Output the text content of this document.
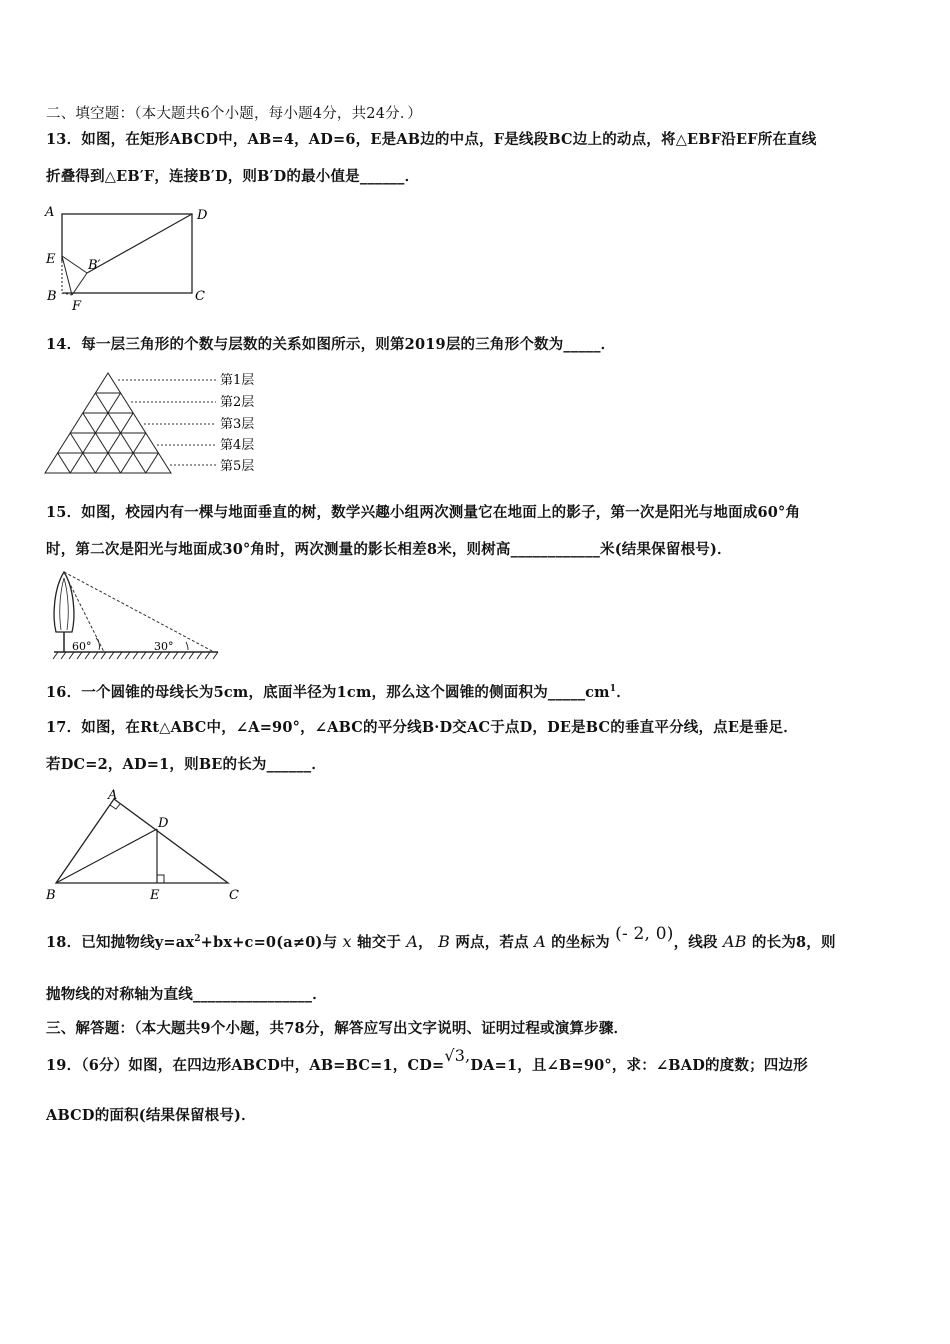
二、填空题：（本大题共6个小题，每小题4分，共24分．）
13．如图，在矩形ABCD中，AB=4，AD=6，E是AB边的中点，F是线段BC边上的动点，将△EBF沿EF所在直线
折叠得到△EB′F，连接B′D，则B′D的最小值是______．
A	D
E	B′
B
F
C
14．每一层三角形的个数与层数的关系如图所示，则第2019层的三角形个数为_____．
第1层
第2层
第3层
第4层
第5层
15．如图，校园内有一棵与地面垂直的树，数学兴趣小组两次测量它在地面上的影子，第一次是阳光与地面成60°角
时，第二次是阳光与地面成30°角时，两次测量的影长相差8米，则树高____________米(结果保留根号)．
60°	30°
16．一个圆锥的母线长为5cm，底面半径为1cm，那么这个圆锥的侧面积为$\_\_\_\_\_cm^1$．
17．如图，在Rt△ABC中，∠A=90°，∠ABC的平分线B·D交AC于点D，DE是BC的垂直平分线，点E是垂足．
若DC=2，AD=1，则BE的长为______．
A
D
B	E	C
18．已知抛物线$y=ax^2+bx+c=0(a\ne 0)$与 x 轴交于 A， B 两点，若点 A 的坐标为 (- 2, 0)，线段 AB 的长为8，则
抛物线的对称轴为直线________________．
三、解答题：（本大题共9个小题，共78分，解答应写出文字说明、证明过程或演算步骤．
19．（6分）如图，在四边形ABCD中，AB=BC=1，CD=√3,DA=1，且∠B=90°，求：∠BAD的度数；四边形
ABCD的面积(结果保留根号)．
